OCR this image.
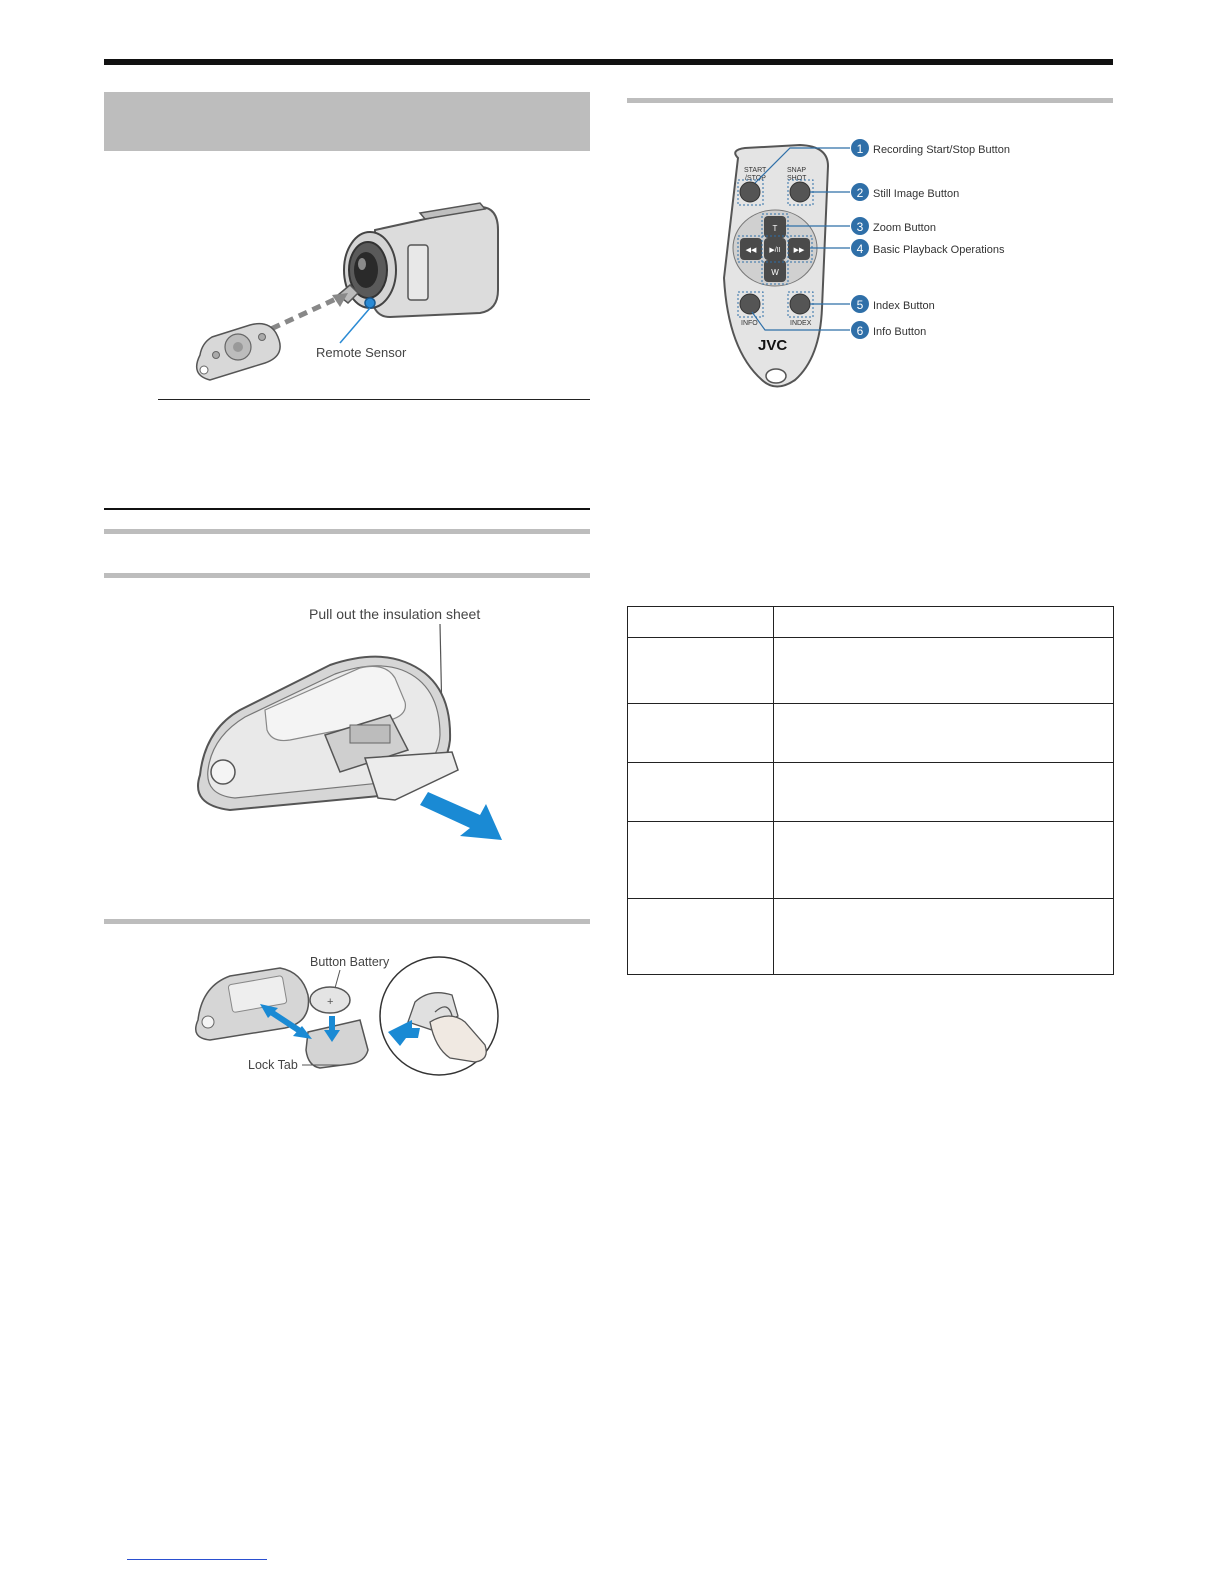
Remote Sensor
Pull out the insulation sheet
Button Battery
+
Lock Tab
START
/STOP
SNAP
SHOT
T
W
◀◀ ▶/II ▶▶
INFO	INDEX
JVC
1 Recording Start/Stop Button
2 Still Image Button
3 Zoom Button
4 Basic Playback Operations
5 Index Button
6 Info Button
